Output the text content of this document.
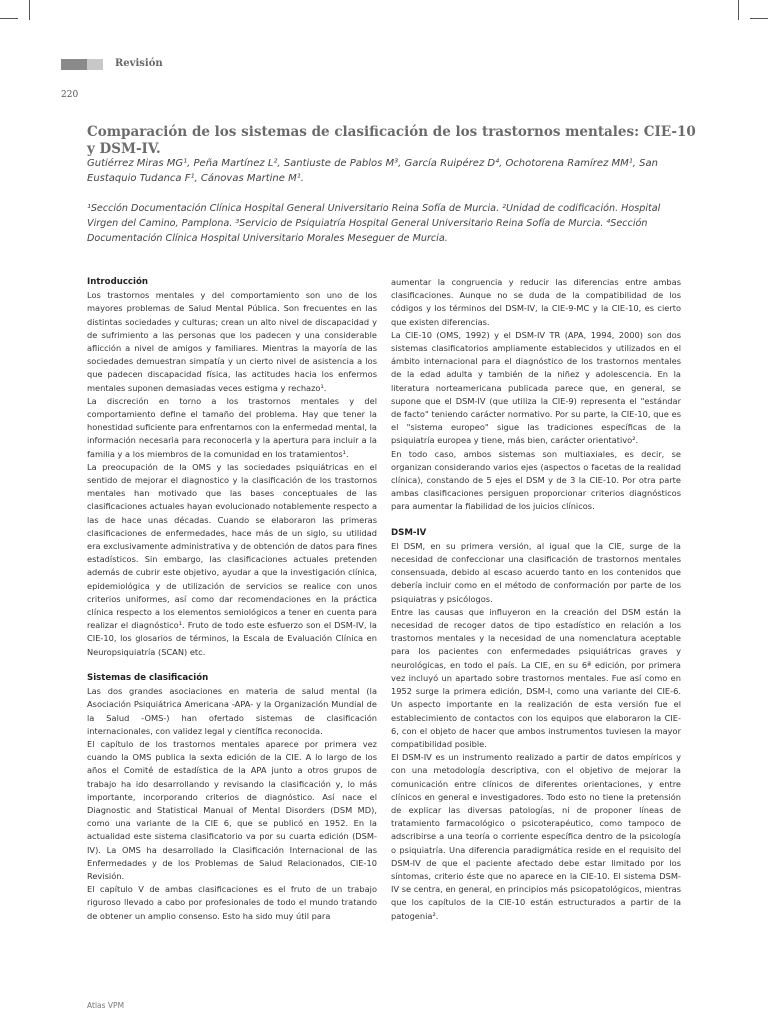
Revisión
220
Comparación de los sistemas de clasificación de los trastornos mentales: CIE-10 y DSM-IV.
Gutiérrez Miras MG¹, Peña Martínez L², Santiuste de Pablos M³, García Ruipérez D⁴, Ochotorena Ramírez MM¹, San Eustaquio Tudanca F¹, Cánovas Martine M¹.
¹Sección Documentación Clínica Hospital General Universitario Reina Sofía de Murcia. ²Unidad de codificación. Hospital Virgen del Camino, Pamplona. ³Servicio de Psiquiatría Hospital General Universitario Reina Sofía de Murcia. ⁴Sección Documentación Clínica Hospital Universitario Morales Meseguer de Murcia.
Introducción

Los trastornos mentales y del comportamiento son uno de los mayores problemas de Salud Mental Pública. Son frecuentes en las distintas sociedades y culturas; crean un alto nivel de discapacidad y de sufrimiento a las personas que los padecen y una considerable aflicción a nivel de amigos y familiares. Mientras la mayoría de las sociedades demuestran simpatía y un cierto nivel de asistencia a los que padecen discapacidad física, las actitudes hacia los enfermos mentales suponen demasiadas veces estigma y rechazo¹.

La discreción en torno a los trastornos mentales y del comportamiento define el tamaño del problema. Hay que tener la honestidad suficiente para enfrentarnos con la enfermedad mental, la información necesaria para reconocerla y la apertura para incluir a la familia y a los miembros de la comunidad en los tratamientos¹.

La preocupación de la OMS y las sociedades psiquiátricas en el sentido de mejorar el diagnostico y la clasificación de los trastornos mentales han motivado que las bases conceptuales de las clasificaciones actuales hayan evolucionado notablemente respecto a las de hace unas décadas. Cuando se elaboraron las primeras clasificaciones de enfermedades, hace más de un siglo, su utilidad era exclusivamente administrativa y de obtención de datos para fines estadísticos. Sin embargo, las clasificaciones actuales pretenden además de cubrir este objetivo, ayudar a que la investigación clínica, epidemiológica y de utilización de servicios se realice con unos criterios uniformes, así como dar recomendaciones en la práctica clínica respecto a los elementos semiológicos a tener en cuenta para realizar el diagnóstico¹. Fruto de todo este esfuerzo son el DSM-IV, la CIE-10, los glosarios de términos, la Escala de Evaluación Clínica en Neuropsiquiatría (SCAN) etc.

Sistemas de clasificación

Las dos grandes asociaciones en materia de salud mental (la Asociación Psiquiátrica Americana -APA- y la Organización Mundial de la Salud -OMS-) han ofertado sistemas de clasificación internacionales, con validez legal y científica reconocida.

El capítulo de los trastornos mentales aparece por primera vez cuando la OMS publica la sexta edición de la CIE. A lo largo de los años el Comité de estadística de la APA junto a otros grupos de trabajo ha ido desarrollando y revisando la clasificación y, lo más importante, incorporando criterios de diagnóstico. Así nace el Diagnostic and Statistical Manual of Mental Disorders (DSM MD), como una variante de la CIE 6, que se publicó en 1952. En la actualidad este sistema clasificatorio va por su cuarta edición (DSM-IV). La OMS ha desarrollado la Clasificación Internacional de las Enfermedades y de los Problemas de Salud Relacionados, CIE-10 Revisión.

El capítulo V de ambas clasificaciones es el fruto de un trabajo riguroso llevado a cabo por profesionales de todo el mundo tratando de obtener un amplio consenso. Esto ha sido muy útil para

aumentar la congruencia y reducir las diferencias entre ambas clasificaciones. Aunque no se duda de la compatibilidad de los códigos y los términos del DSM-IV, la CIE-9-MC y la CIE-10, es cierto que existen diferencias.

La CIE-10 (OMS, 1992) y el DSM-IV TR (APA, 1994, 2000) son dos sistemas clasificatorios ampliamente establecidos y utilizados en el ámbito internacional para el diagnóstico de los trastornos mentales de la edad adulta y también de la niñez y adolescencia. En la literatura norteamericana publicada parece que, en general, se supone que el DSM-IV (que utiliza la CIE-9) representa el "estándar de facto" teniendo carácter normativo. Por su parte, la CIE-10, que es el "sistema europeo" sigue las tradiciones específicas de la psiquiatría europea y tiene, más bien, carácter orientativo².

En todo caso, ambos sistemas son multiaxiales, es decir, se organizan considerando varios ejes (aspectos o facetas de la realidad clínica), constando de 5 ejes el DSM y de 3 la CIE-10. Por otra parte ambas clasificaciones persiguen proporcionar criterios diagnósticos para aumentar la fiabilidad de los juicios clínicos.

DSM-IV

El DSM, en su primera versión, al igual que la CIE, surge de la necesidad de confeccionar una clasificación de trastornos mentales consensuada, debido al escaso acuerdo tanto en los contenidos que debería incluir como en el método de conformación por parte de los psiquiatras y psicólogos.

Entre las causas que influyeron en la creación del DSM están la necesidad de recoger datos de tipo estadístico en relación a los trastornos mentales y la necesidad de una nomenclatura aceptable para los pacientes con enfermedades psiquiátricas graves y neurológicas, en todo el país. La CIE, en su 6ª edición, por primera vez incluyó un apartado sobre trastornos mentales. Fue así como en 1952 surge la primera edición, DSM-I, como una variante del CIE-6. Un aspecto importante en la realización de esta versión fue el establecimiento de contactos con los equipos que elaboraron la CIE-6, con el objeto de hacer que ambos instrumentos tuviesen la mayor compatibilidad posible.

El DSM-IV es un instrumento realizado a partir de datos empíricos y con una metodología descriptiva, con el objetivo de mejorar la comunicación entre clínicos de diferentes orientaciones, y entre clínicos en general e investigadores. Todo esto no tiene la pretensión de explicar las diversas patologías, ni de proponer líneas de tratamiento farmacológico o psicoterapéutico, como tampoco de adscribirse a una teoría o corriente específica dentro de la psicología o psiquiatría. Una diferencia paradigmática reside en el requisito del DSM-IV de que el paciente afectado debe estar limitado por los síntomas, criterio éste que no aparece en la CIE-10. El sistema DSM-IV se centra, en general, en principios más psicopatológicos, mientras que los capítulos de la CIE-10 están estructurados a partir de la patogenia².

Atlas VPM
